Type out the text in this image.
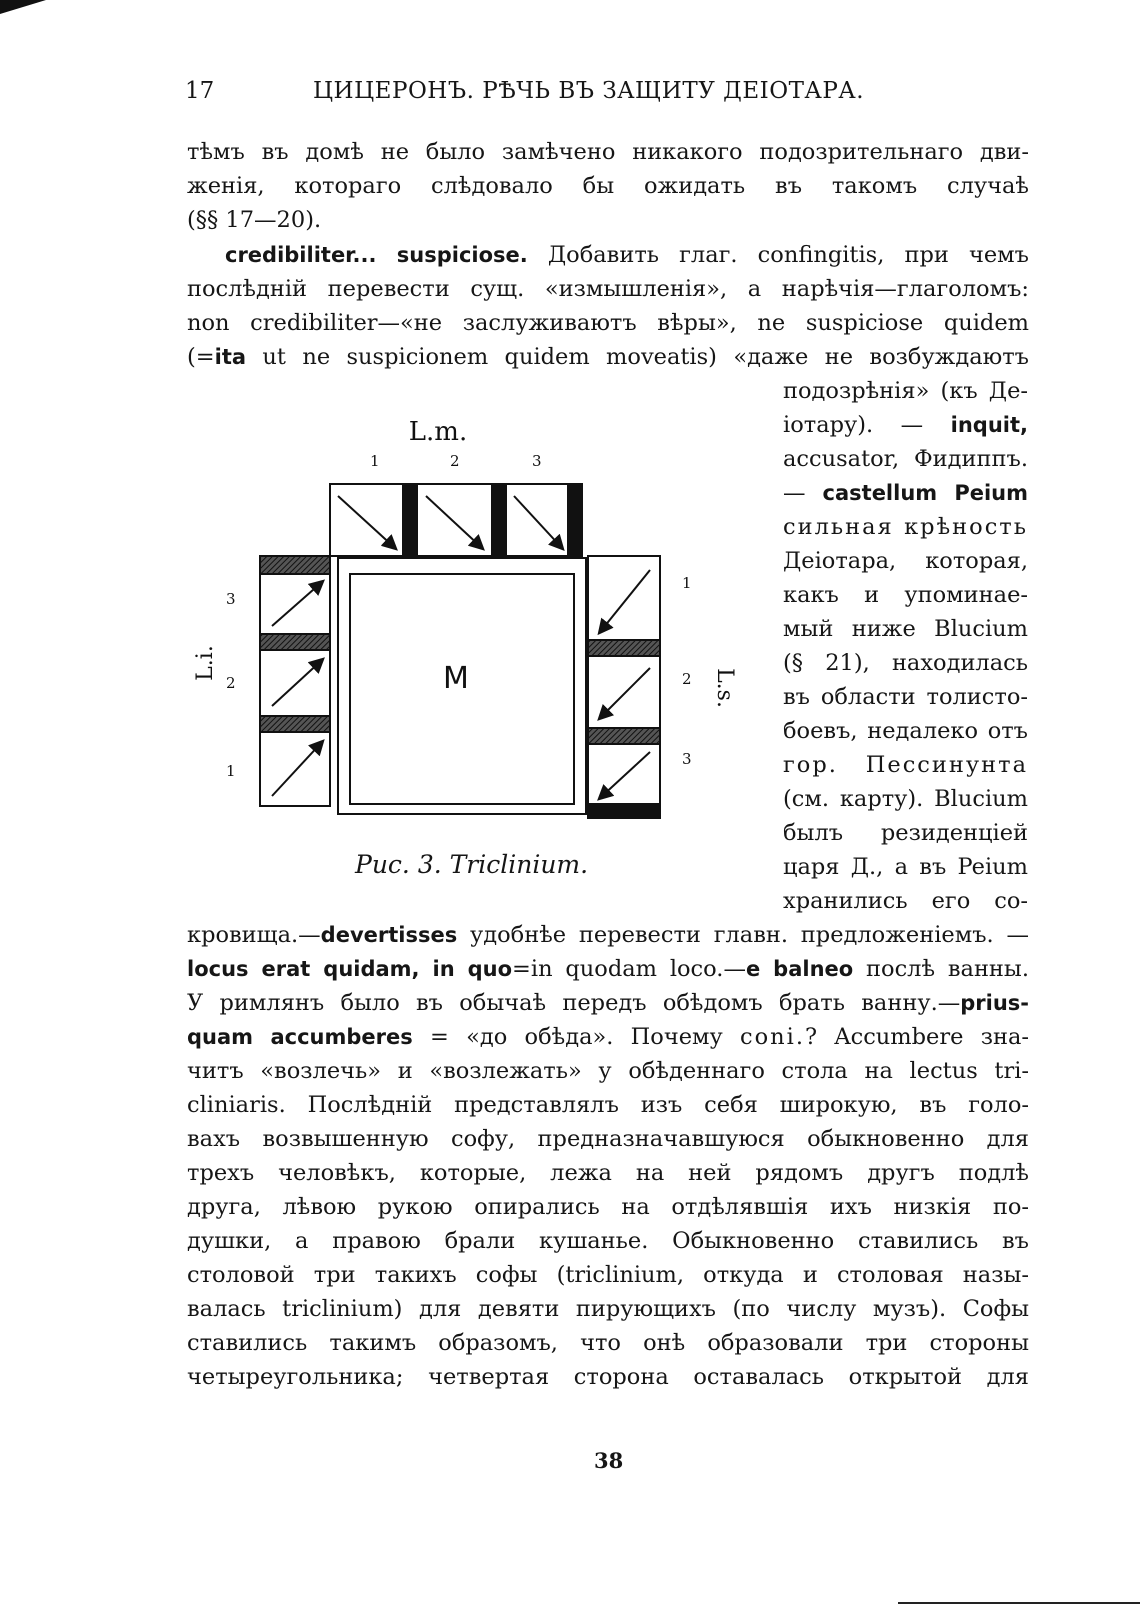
17	ЦИЦЕРОНЪ. РѢЧЬ ВЪ ЗАЩИТУ ДЕІОТАРА.
тѣмъ въ домѣ не было замѣчено никакого подозрительнаго дви-
женія, котораго слѣдовало бы ожидать въ такомъ случаѣ
(§§ 17—20).
credibiliter... suspiciose. Добавить глаг. confingitis, при чемъ
послѣдній перевести сущ. «измышленія», а нарѣчія—глаголомъ:
non credibiliter—«не заслуживаютъ вѣры», ne suspiciose quidem
(=ita ut ne suspicionem quidem moveatis) «даже не возбуждаютъ
подозрѣнія» (къ Де-
іотару). — inquit,
accusator, Фидиппъ.
— castellum Peium
сильная крѣность
Деіотара, которая,
какъ и упоминае-
мый ниже Blucium
(§ 21), находилась
въ области толисто-
боевъ, недалеко отъ
гор. Пессинунта
(см. карту). Blucium
былъ резиденціей
царя Д., а въ Peium
хранились его со-
L.m.
L.i.
L.s.
1	2	3
3
2
1
1
2
3
M
Рис. 3. Triclinium.
кровища.—devertisses удобнѣе перевести главн. предложеніемъ. —
locus erat quidam, in quo=in quodam loco.—e balneo послѣ ванны.
У римлянъ было въ обычаѣ передъ обѣдомъ брать ванну.—prius-
quam accumberes = «до обѣда». Почему coni.? Accumbere зна-
читъ «возлечь» и «возлежать» у обѣденнаго стола на lectus tri-
cliniaris. Послѣдній представлялъ изъ себя широкую, въ голо-
вахъ возвышенную софу, предназначавшуюся обыкновенно для
трехъ человѣкъ, которые, лежа на ней рядомъ другъ подлѣ
друга, лѣвою рукою опирались на отдѣлявшія ихъ низкія по-
душки, а правою брали кушанье. Обыкновенно ставились въ
столовой три такихъ софы (triclinium, откуда и столовая назы-
валась triclinium) для девяти пирующихъ (по числу музъ). Софы
ставились такимъ образомъ, что онѣ образовали три стороны
четыреугольника; четвертая сторона оставалась открытой для
38
